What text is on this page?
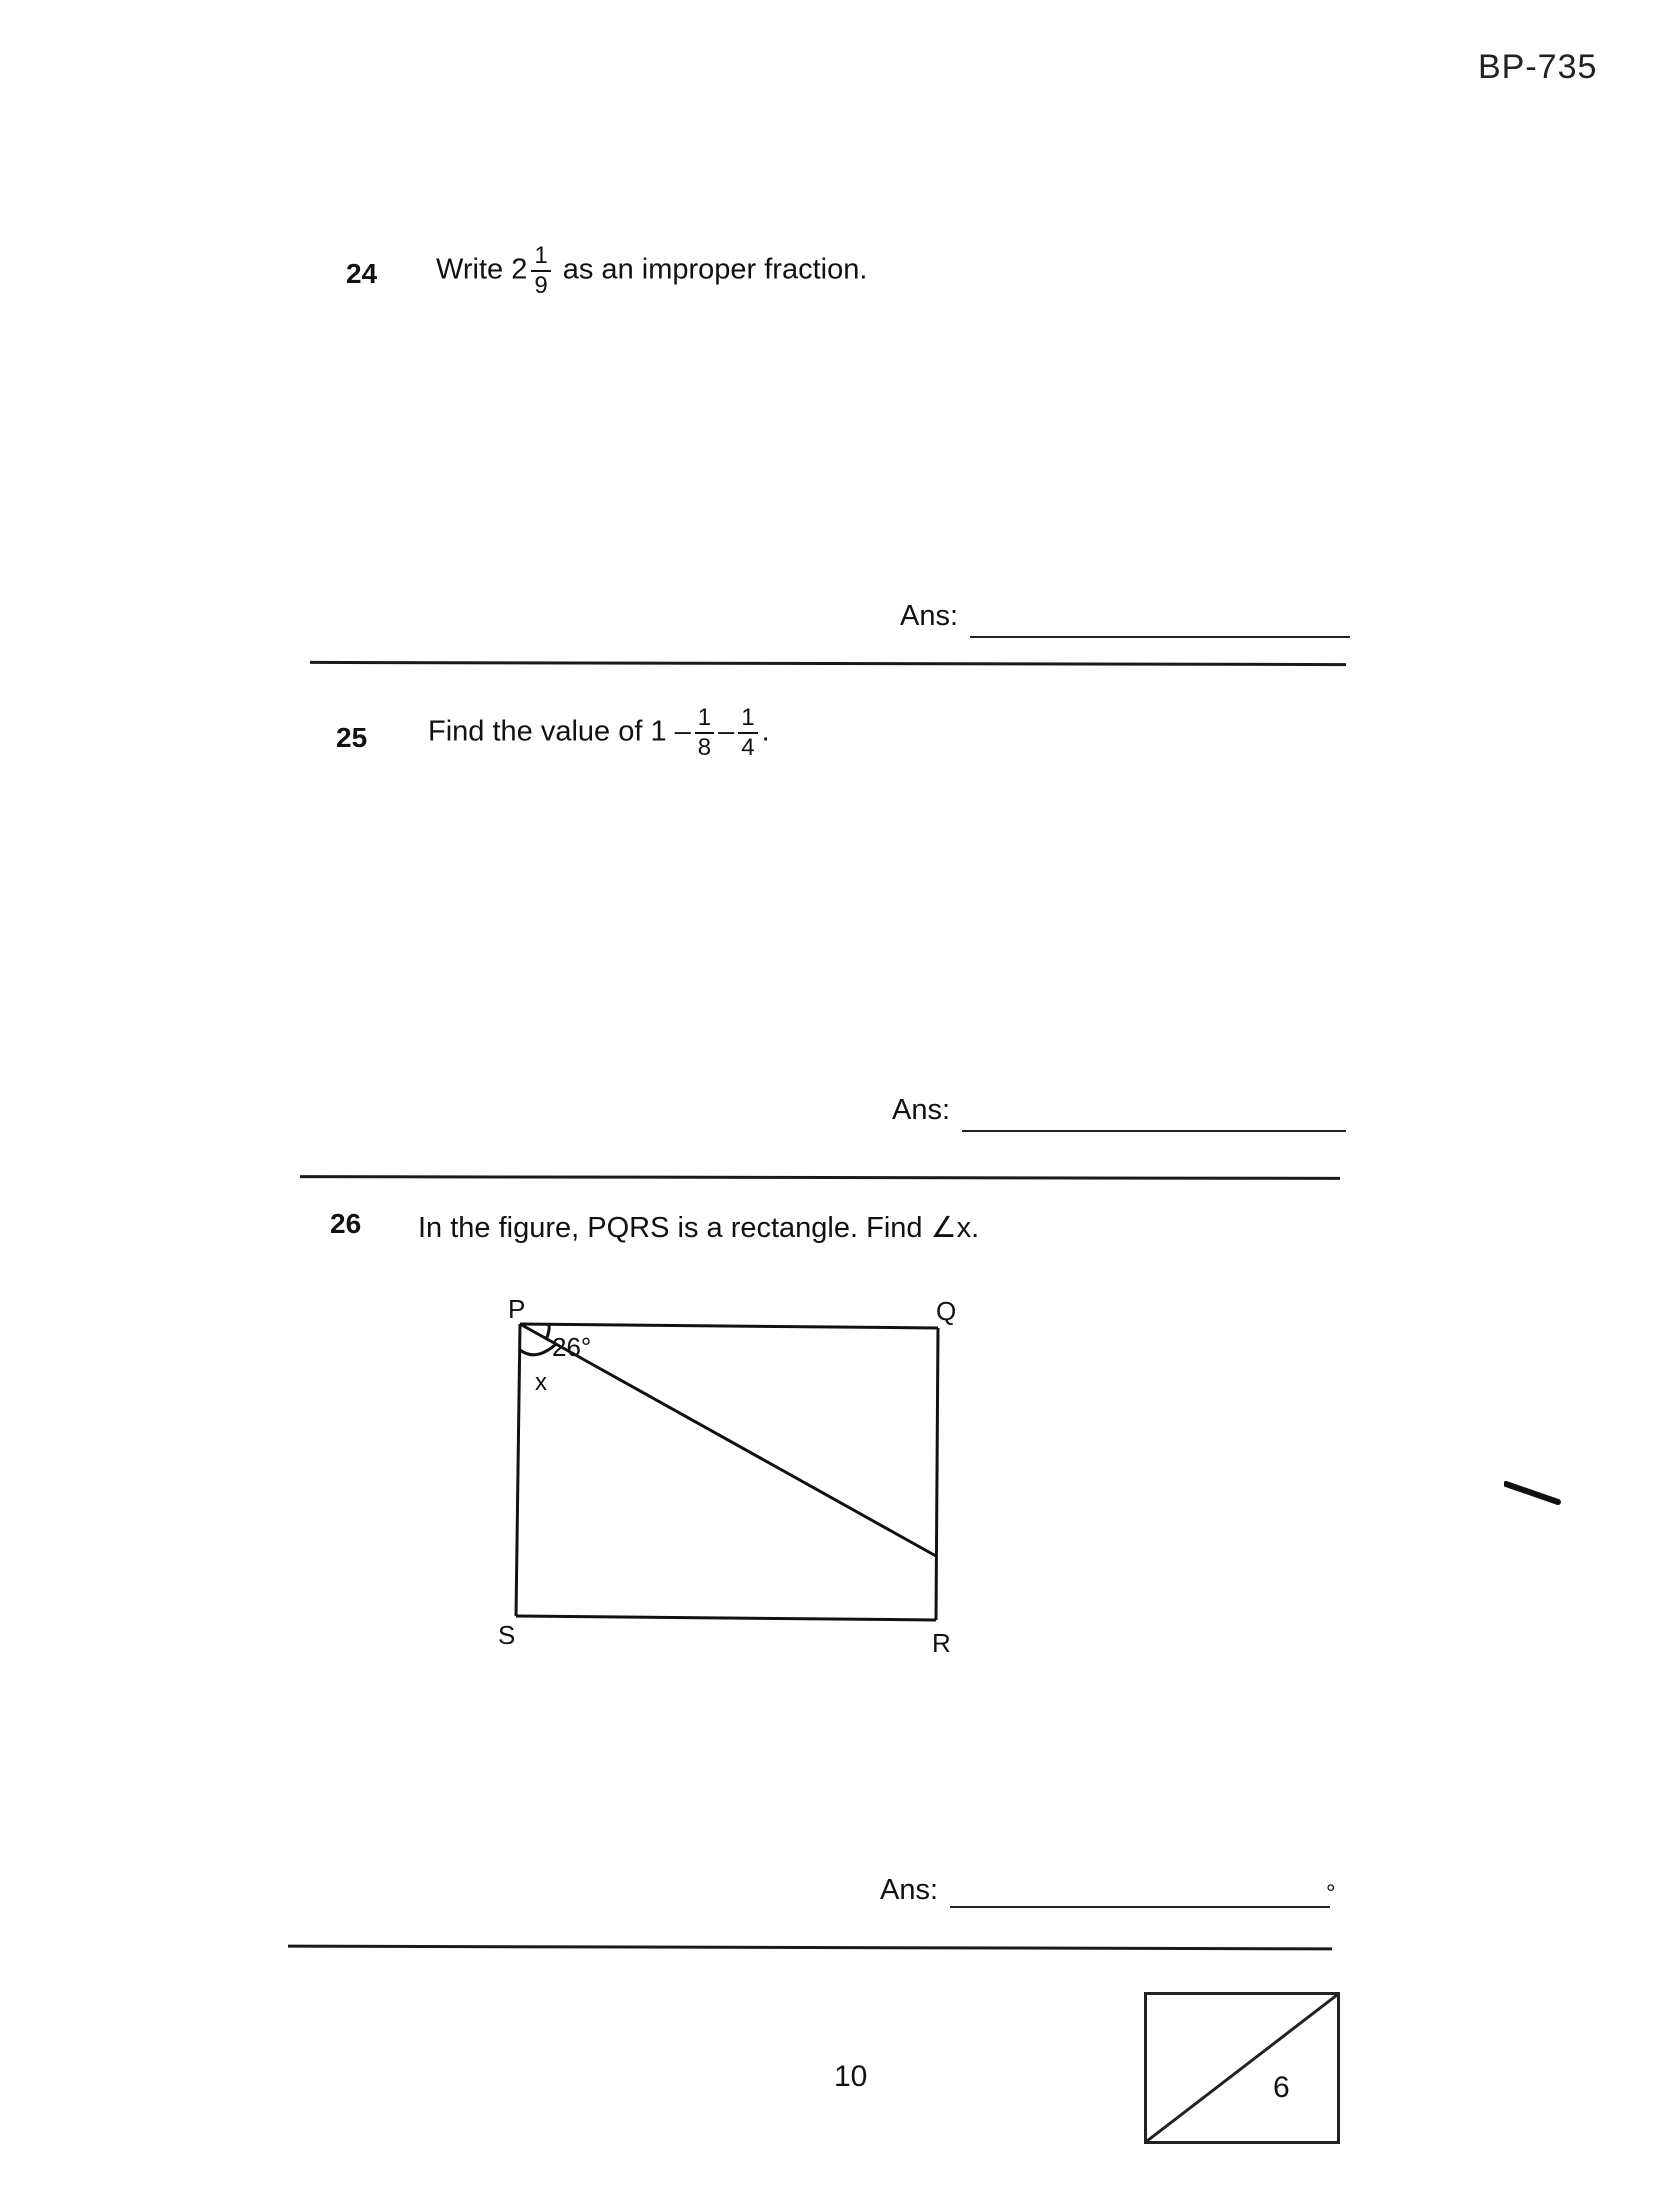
BP-735
24 Write $2 \frac{1}{9}$ as an improper fraction.
Ans:
25 Find the value of $1 - \frac{1}{8} - \frac{1}{4}$ .
Ans:
26 In the figure, PQRS is a rectangle. Find ∠x.
P	Q
R
S
26°
x
Ans:	°
10	6
